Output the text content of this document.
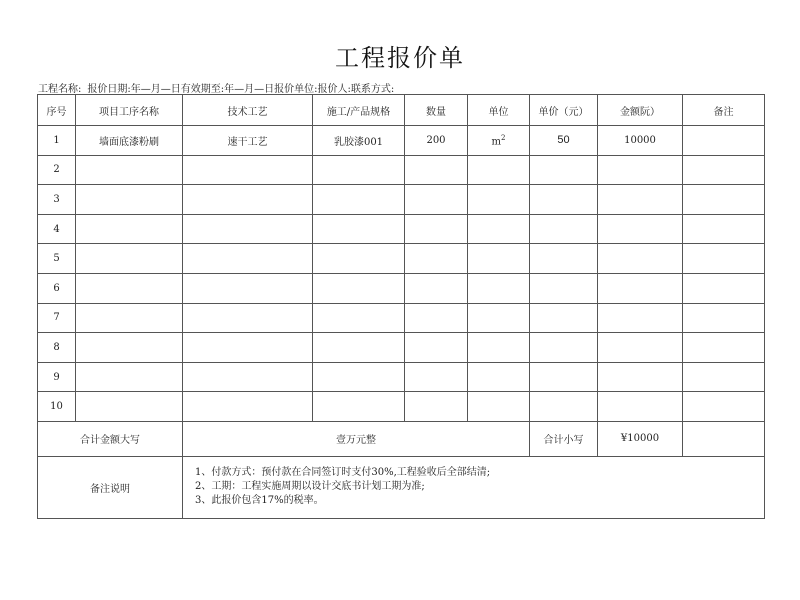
工程报价单
工程名称: 报价日期:年—月—日有效期至:年—月—日报价单位:报价人:联系方式:
序号	项目工序名称	技术工艺	施工/产品规格	数量	单位	单价（元）	金额阮）	备注
1	墙面底漆粉刷	速干工艺	乳胶漆001	200	$m^2$	50	10000	
2								
3								
4								
5								
6								
7								
8								
9								
10								
合计金额大写		壹万元整				合计小写	¥10000	
备注说明		1、付款方式：预付款在合同签订时支付30%,工程验收后全部结清;
2、工期：工程实施周期以设计交底书计划工期为准;
3、此报价包含17%的税率。						
